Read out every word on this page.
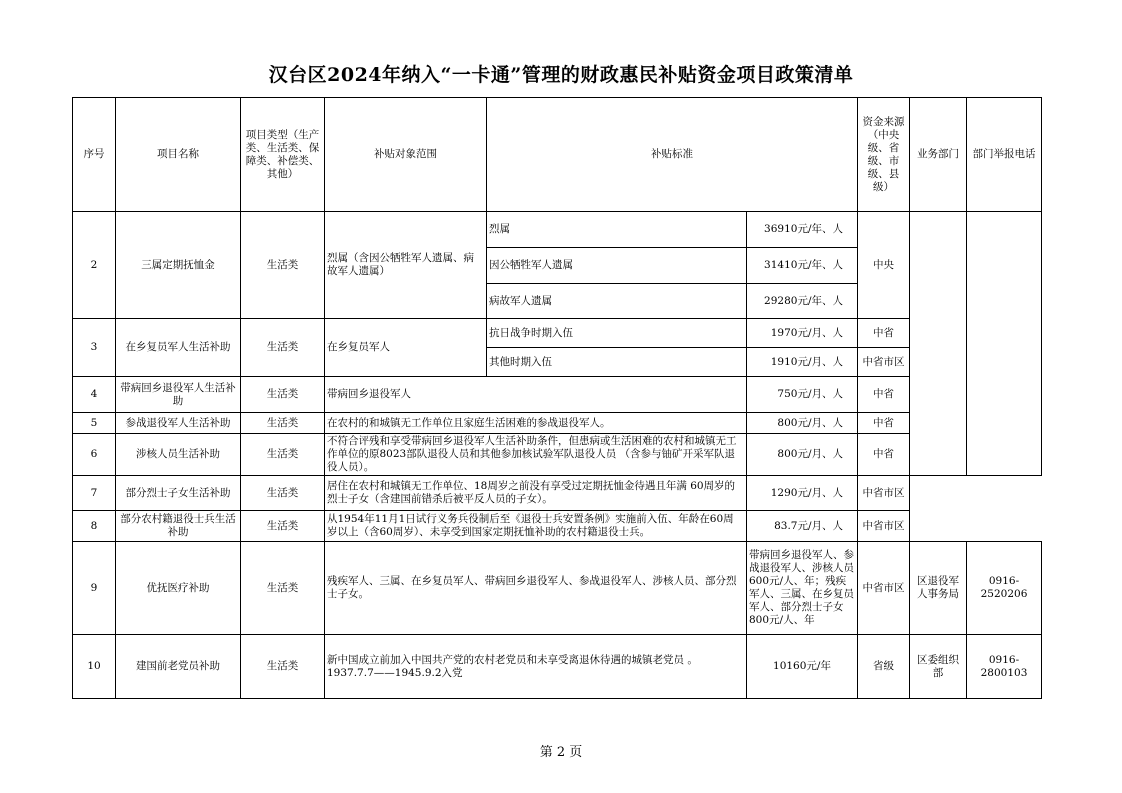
汉台区2024年纳入“一卡通”管理的财政惠民补贴资金项目政策清单
序号	项目名称	项目类型（生产类、生活类、保障类、补偿类、其他）	补贴对象范围	补贴标准		资金来源（中央级、省级、市级、县级）	业务部门	部门举报电话
2	三属定期抚恤金	生活类	烈属（含因公牺牲军人遗属、病故军人遗属）	烈属	36910元/年、人	中央		
				因公牺牲军人遗属	31410元/年、人			
				病故军人遗属	29280元/年、人			
3	在乡复员军人生活补助	生活类	在乡复员军人	抗日战争时期入伍	1970元/月、人	中省		
				其他时期入伍	1910元/月、人	中省市区		
4	带病回乡退役军人生活补助	生活类	带病回乡退役军人		750元/月、人	中省		
5	参战退役军人生活补助	生活类	在农村的和城镇无工作单位且家庭生活困难的参战退役军人。		800元/月、人	中省		
6	涉核人员生活补助	生活类	不符合评残和享受带病回乡退役军人生活补助条件，但患病或生活困难的农村和城镇无工作单位的原8023部队退役人员和其他参加核试验军队退役人员 （含参与铀矿开采军队退役人员）。		800元/月、人	中省		
7	部分烈士子女生活补助	生活类	居住在农村和城镇无工作单位、18周岁之前没有享受过定期抚恤金待遇且年满 60周岁的烈士子女（含建国前错杀后被平反人员的子女）。		1290元/月、人	中省市区		
8	部分农村籍退役士兵生活补助	生活类	从1954年11月1日试行义务兵役制后至《退役士兵安置条例》实施前入伍、年龄在60周岁以上（含60周岁）、未享受到国家定期抚恤补助的农村籍退役士兵。		83.7元/月、人	中省市区		
9	优抚医疗补助	生活类	残疾军人、三属、在乡复员军人、带病回乡退役军人、参战退役军人、涉核人员、部分烈士子女。		带病回乡退役军人、参战退役军人、涉核人员600元/人、年；残疾军人、三属、在乡复员军人、部分烈士子女800元/人、年	中省市区	区退役军人事务局	0916-2520206
10	建国前老党员补助	生活类	新中国成立前加入中国共产党的农村老党员和未享受离退休待遇的城镇老党员 。
1937.7.7——1945.9.2入党		10160元/年	省级	区委组织部	0916-2800103
第 2 页
